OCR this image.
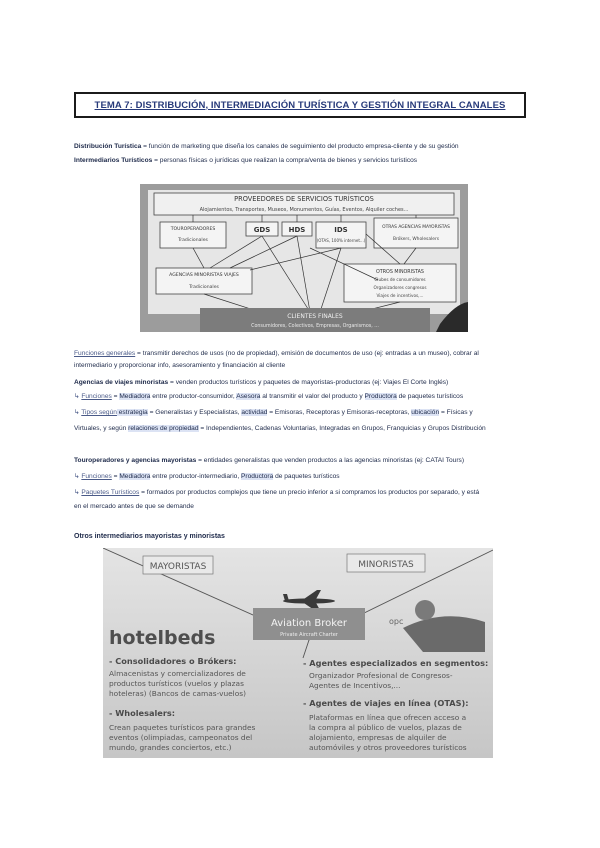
TEMA 7: DISTRIBUCIÓN, INTERMEDIACIÓN TURÍSTICA Y GESTIÓN INTEGRAL CANALES
Distribución Turística = función de marketing que diseña los canales de seguimiento del producto empresa-cliente y de su gestión
Intermediarios Turísticos = personas físicas o jurídicas que realizan la compra/venta de bienes y servicios turísticos
PROVEEDORES DE SERVICIOS TURÍSTICOS
Alojamientos, Transportes, Museos, Monumentos, Guías, Eventos, Alquiler coches...
TOUROPERADORES
Tradicionales
GDS	HDS	IDS
(OTAS, 100% internet...)
OTRAS AGENCIAS MAYORISTAS
Brókers, Wholesalers
AGENCIAS MINORISTAS VIAJES
Tradicionales
OTROS MINORISTAS
Clubes de consumidores
Organizadores congresos
Viajes de incentivos,...
CLIENTES FINALES
Consumidores, Colectivos, Empresas, Organismos, ...
Funciones generales = transmitir derechos de usos (no de propiedad), emisión de documentos de uso (ej: entradas a un museo), cobrar al
intermediario y proporcionar info, asesoramiento y financiación al cliente
Agencias de viajes minoristas = venden productos turísticos y paquetes de mayoristas-productoras (ej: Viajes El Corte Inglés)
↳ Funciones = Mediadora entre productor-consumidor, Asesora al transmitir el valor del producto y Productora de paquetes turísticos
↳ Tipos según estrategia = Generalistas y Especialistas, actividad = Emisoras, Receptoras y Emisoras-receptoras, ubicación = Físicas y
Virtuales, y según relaciones de propiedad = Independientes, Cadenas Voluntarias, Integradas en Grupos, Franquicias y Grupos Distribución
Touroperadores y agencias mayoristas = entidades generalistas que venden productos a las agencias minoristas (ej: CATAI Tours)
↳ Funciones = Mediadora entre productor-intermediario, Productora de paquetes turísticos
↳ Paquetes Turísticos = formados por productos complejos que tiene un precio inferior a si compramos los productos por separado, y está
en el mercado antes de que se demande
Otros intermediarios mayoristas y minoristas
MAYORISTAS	MINORISTAS
hotelbeds
Aviation Broker
Private Aircraft Charter
opc
- Consolidadores o Brókers:
Almacenistas y comercializadores de
productos turísticos (vuelos y plazas
hoteleras) (Bancos de camas-vuelos)
- Wholesalers:
Crean paquetes turísticos para grandes
eventos (olimpiadas, campeonatos del
mundo, grandes conciertos, etc.)
- Agentes especializados en segmentos:
Organizador Profesional de Congresos-
Agentes de Incentivos,...
- Agentes de viajes en línea (OTAS):
Plataformas en línea que ofrecen acceso a
la compra al público de vuelos, plazas de
alojamiento, empresas de alquiler de
automóviles y otros proveedores turísticos
